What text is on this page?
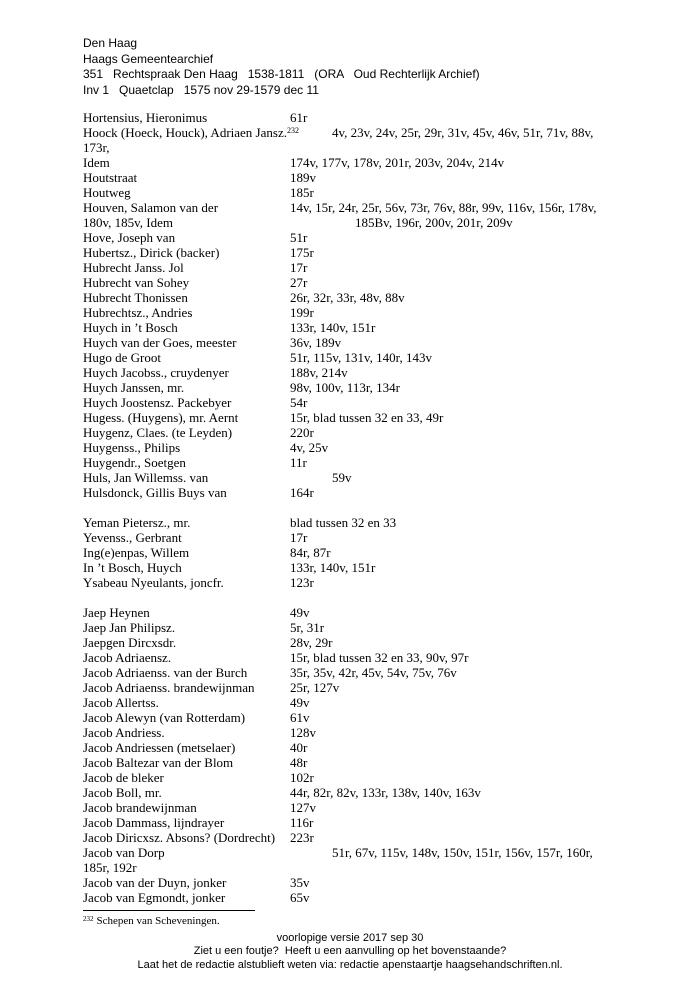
Den Haag
Haags Gemeentearchief
351   Rechtspraak Den Haag   1538-1811   (ORA   Oud Rechterlijk Archief)
Inv 1   Quaetclap   1575 nov 29-1579 dec 11
Hortensius, Hieronimus	61r
Hoock (Hoeck, Houck), Adriaen Jansz.$^{232}$	4v, 23v, 24v, 25r, 29r, 31v, 45v, 46v, 51r, 71v, 88v,
173r,
Idem	174v, 177v, 178v, 201r, 203v, 204v, 214v
Houtstraat	189v
Houtweg	185r
Houven, Salamon van der	14v, 15r, 24r, 25r, 56v, 73r, 76v, 88r, 99v, 116v, 156r, 178v,
180v, 185v, Idem	185Bv, 196r, 200v, 201r, 209v
Hove, Joseph van	51r
Hubertsz., Dirick (backer)	175r
Hubrecht Janss. Jol	17r
Hubrecht van Sohey	27r
Hubrecht Thonissen	26r, 32r, 33r, 48v, 88v
Hubrechtsz., Andries	199r
Huych in ’t Bosch	133r, 140v, 151r
Huych van der Goes, meester	36v, 189v
Hugo de Groot	51r, 115v, 131v, 140r, 143v
Huych Jacobss., cruydenyer	188v, 214v
Huych Janssen, mr.	98v, 100v, 113r, 134r
Huych Joostensz. Packebyer	54r
Hugess. (Huygens), mr. Aernt	15r, blad tussen 32 en 33, 49r
Huygenz, Claes. (te Leyden)	220r
Huygenss., Philips	4v, 25v
Huygendr., Soetgen	11r
Huls, Jan Willemss. van	59v
Hulsdonck, Gillis Buys van	164r
Yeman Pietersz., mr.	blad tussen 32 en 33
Yevenss., Gerbrant	17r
Ing(e)enpas, Willem	84r, 87r
In ’t Bosch, Huych	133r, 140v, 151r
Ysabeau Nyeulants, joncfr.	123r
Jaep Heynen	49v
Jaep Jan Philipsz.	5r, 31r
Jaepgen Dircxsdr.	28v, 29r
Jacob Adriaensz.	15r, blad tussen 32 en 33, 90v, 97r
Jacob Adriaenss. van der Burch	35r, 35v, 42r, 45v, 54v, 75v, 76v
Jacob Adriaenss. brandewijnman	25r, 127v
Jacob Allertss.	49v
Jacob Alewyn (van Rotterdam)	61v
Jacob Andriess.	128v
Jacob Andriessen (metselaer)	40r
Jacob Baltezar van der Blom	48r
Jacob de bleker	102r
Jacob Boll, mr.	44r, 82r, 82v, 133r, 138v, 140v, 163v
Jacob brandewijnman	127v
Jacob Dammass, lijndrayer	116r
Jacob Diricxsz. Absons? (Dordrecht) 223r
Jacob van Dorp	51r, 67v, 115v, 148v, 150v, 151r, 156v, 157r, 160r,
185r, 192r
Jacob van der Duyn, jonker	35v
Jacob van Egmondt, jonker	65v
$^{232}$ Schepen van Scheveningen.
voorlopige versie 2017 sep 30
Ziet u een foutje?  Heeft u een aanvulling op het bovenstaande?
Laat het de redactie alstublieft weten via: redactie apenstaartje haagsehandschriften.nl.
